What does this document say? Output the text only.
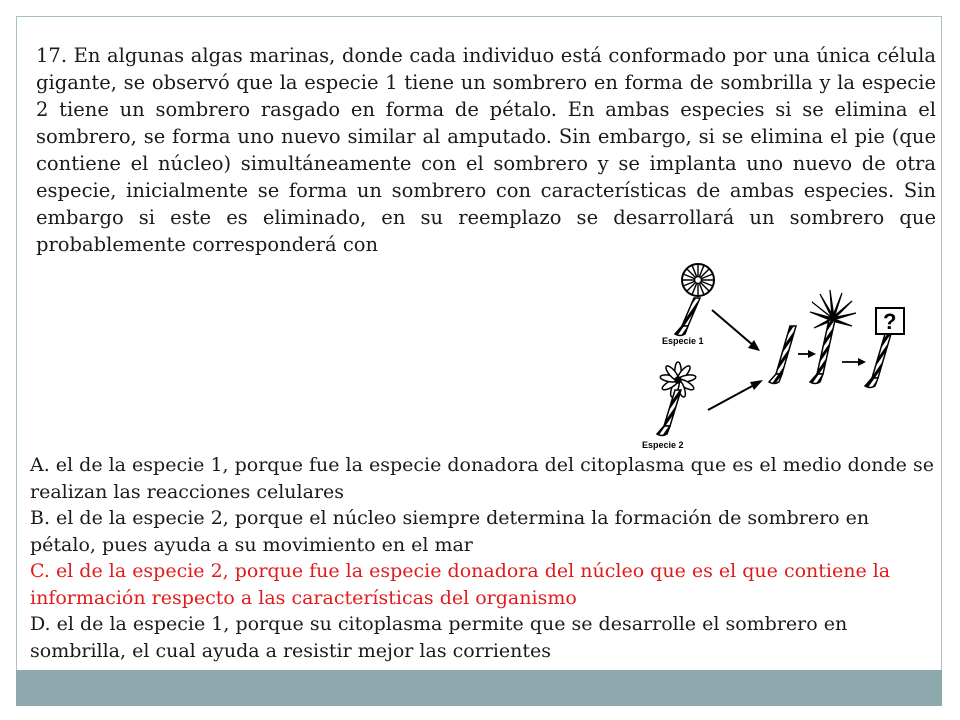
17. En algunas algas marinas, donde cada individuo está conformado por una única célula gigante, se observó que la especie 1 tiene un sombrero en forma de sombrilla y la especie 2 tiene un sombrero rasgado en forma de pétalo. En ambas especies si se elimina el sombrero, se forma uno nuevo similar al amputado. Sin embargo, si se elimina el pie (que contiene el núcleo) simultáneamente con el sombrero y se implanta uno nuevo de otra especie, inicialmente se forma un sombrero con características de ambas especies. Sin embargo si este es eliminado, en su reemplazo se desarrollará un sombrero que probablemente corresponderá con

Especie 1
Especie 2
?

A. el de la especie 1, porque fue la especie donadora del citoplasma que es el medio donde se realizan las reacciones celulares

B. el de la especie 2, porque el núcleo siempre determina la formación de sombrero en pétalo, pues ayuda a su movimiento en el mar

C. el de la especie 2, porque fue la especie donadora del núcleo que es el que contiene la información respecto a las características del organismo

D. el de la especie 1, porque su citoplasma permite que se desarrolle el sombrero en sombrilla, el cual ayuda a resistir mejor las corrientes
